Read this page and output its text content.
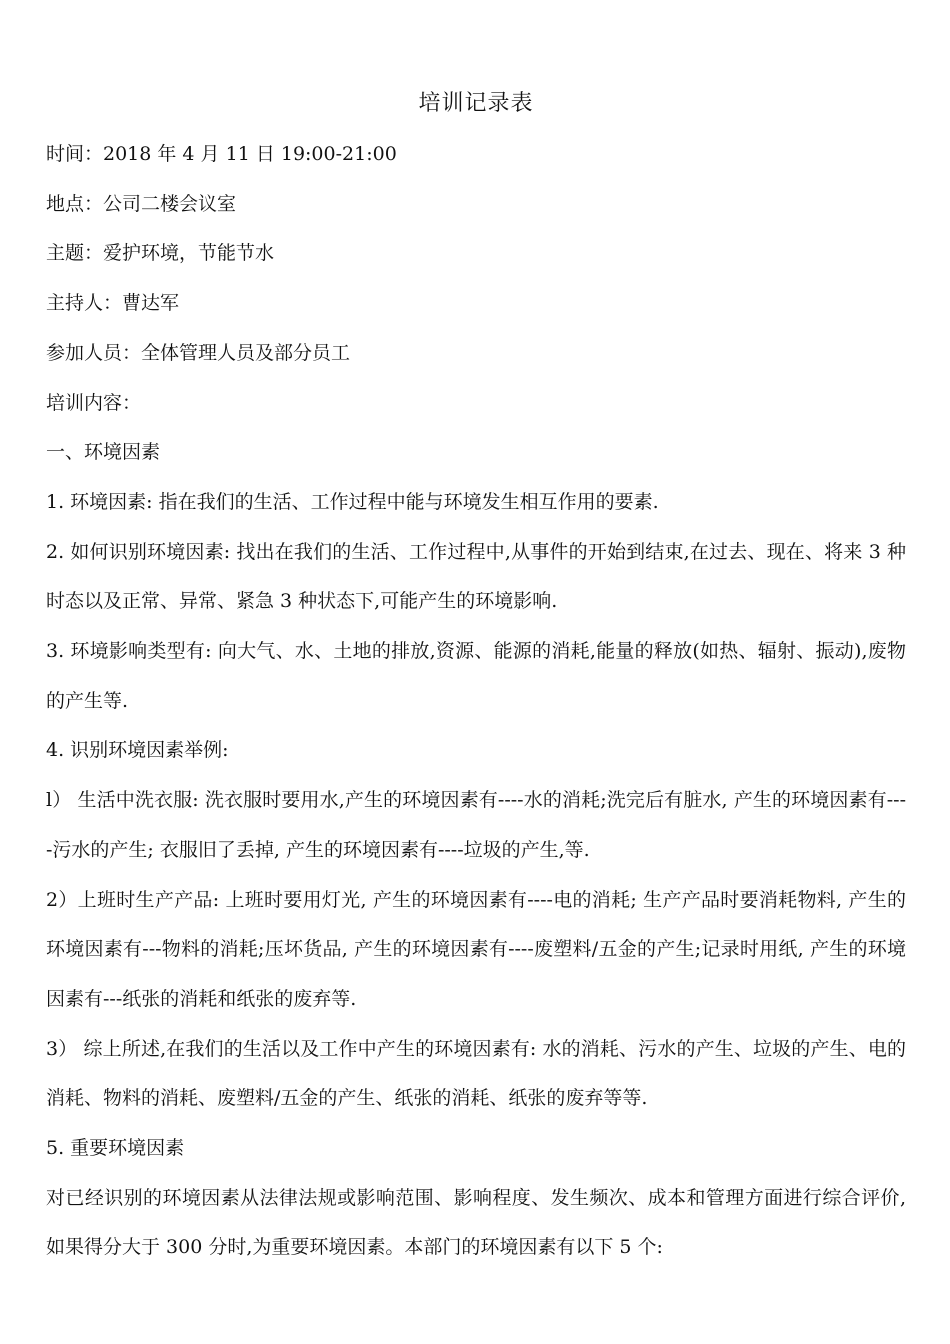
培训记录表
时间：2018 年 4 月 11 日 19:00-21:00
地点：公司二楼会议室
主题：爱护环境，节能节水
主持人：曹达军
参加人员：全体管理人员及部分员工
培训内容：
一、环境因素
1. 环境因素: 指在我们的生活、工作过程中能与环境发生相互作用的要素.
2. 如何识别环境因素: 找出在我们的生活、工作过程中,从事件的开始到结束,在过去、现在、将来 3 种时态以及正常、异常、紧急 3 种状态下,可能产生的环境影响.
3. 环境影响类型有: 向大气、水、土地的排放,资源、能源的消耗,能量的释放(如热、辐射、振动),废物的产生等.
4. 识别环境因素举例:
l） 生活中洗衣服: 洗衣服时要用水,产生的环境因素有----水的消耗;洗完后有脏水, 产生的环境因素有----污水的产生; 衣服旧了丢掉, 产生的环境因素有----垃圾的产生,等.
2）上班时生产产品: 上班时要用灯光, 产生的环境因素有----电的消耗; 生产产品时要消耗物料, 产生的环境因素有---物料的消耗;压坏货品, 产生的环境因素有----废塑料/五金的产生;记录时用纸, 产生的环境因素有---纸张的消耗和纸张的废弃等.
3） 综上所述,在我们的生活以及工作中产生的环境因素有: 水的消耗、污水的产生、垃圾的产生、电的消耗、物料的消耗、废塑料/五金的产生、纸张的消耗、纸张的废弃等等.
5. 重要环境因素
对已经识别的环境因素从法律法规或影响范围、影响程度、发生频次、成本和管理方面进行综合评价,如果得分大于 300 分时,为重要环境因素。本部门的环境因素有以下 5 个:
